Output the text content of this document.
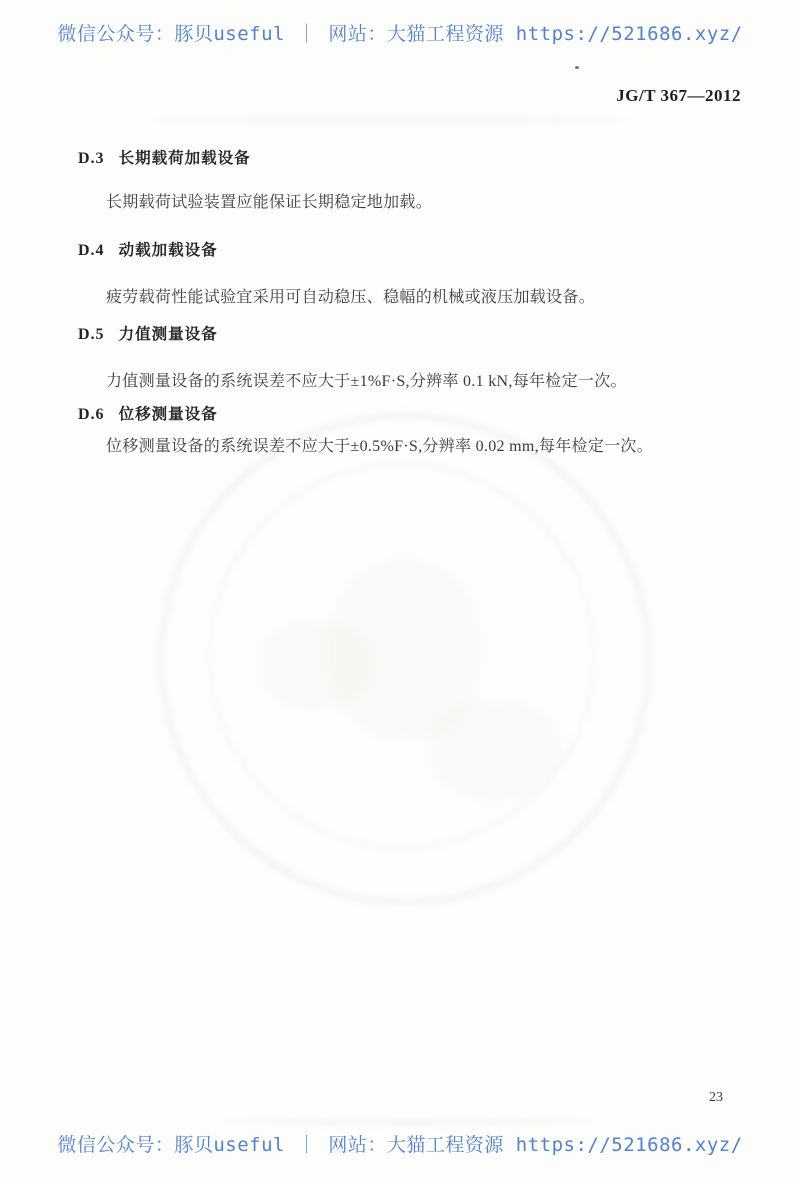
微信公众号：豚贝useful ｜ 网站：大猫工程资源 https://521686.xyz/
JG/T 367—2012
D.3 长期载荷加载设备
长期载荷试验装置应能保证长期稳定地加载。
D.4 动载加载设备
疲劳载荷性能试验宜采用可自动稳压、稳幅的机械或液压加载设备。
D.5 力值测量设备
力值测量设备的系统误差不应大于±1%F·S,分辨率 0.1 kN,每年检定一次。
D.6 位移测量设备
位移测量设备的系统误差不应大于±0.5%F·S,分辨率 0.02 mm,每年检定一次。
23
微信公众号：豚贝useful ｜ 网站：大猫工程资源 https://521686.xyz/
